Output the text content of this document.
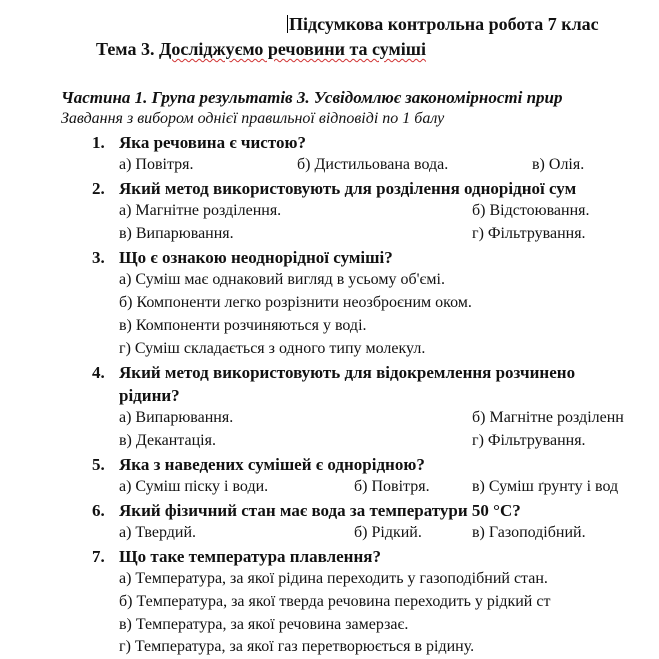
Підсумкова контрольна робота 7 клас
Тема 3. Досліджуємо речовини та суміші
Частина 1. Група результатів 3. Усвідомлює закономірності прир
Завдання з вибором однієї правильної відповіді по 1 балу
1. Яка речовина є чистою?
а) Повітря.	б) Дистильована вода.	в) Олія.
2. Який метод використовують для розділення однорідної сум
а) Магнітне розділення.	б) Відстоювання.
в) Випарювання.	г) Фільтрування.
3. Що є ознакою неоднорідної суміші?
а) Суміш має однаковий вигляд в усьому об'ємі.
б) Компоненти легко розрізнити неозброєним оком.
в) Компоненти розчиняються у воді.
г) Суміш складається з одного типу молекул.
4. Який метод використовують для відокремлення розчинено
рідини?
а) Випарювання.	б) Магнітне розділенн
в) Декантація.	г) Фільтрування.
5. Яка з наведених сумішей є однорідною?
а) Суміш піску і води.	б) Повітря.	в) Суміш ґрунту і вод
6. Який фізичний стан має вода за температури 50 °C?
а) Твердий.	б) Рідкий.	в) Газоподібний.
7. Що таке температура плавлення?
а) Температура, за якої рідина переходить у газоподібний стан.
б) Температура, за якої тверда речовина переходить у рідкий ст
в) Температура, за якої речовина замерзає.
г) Температура, за якої газ перетворюється в рідину.
